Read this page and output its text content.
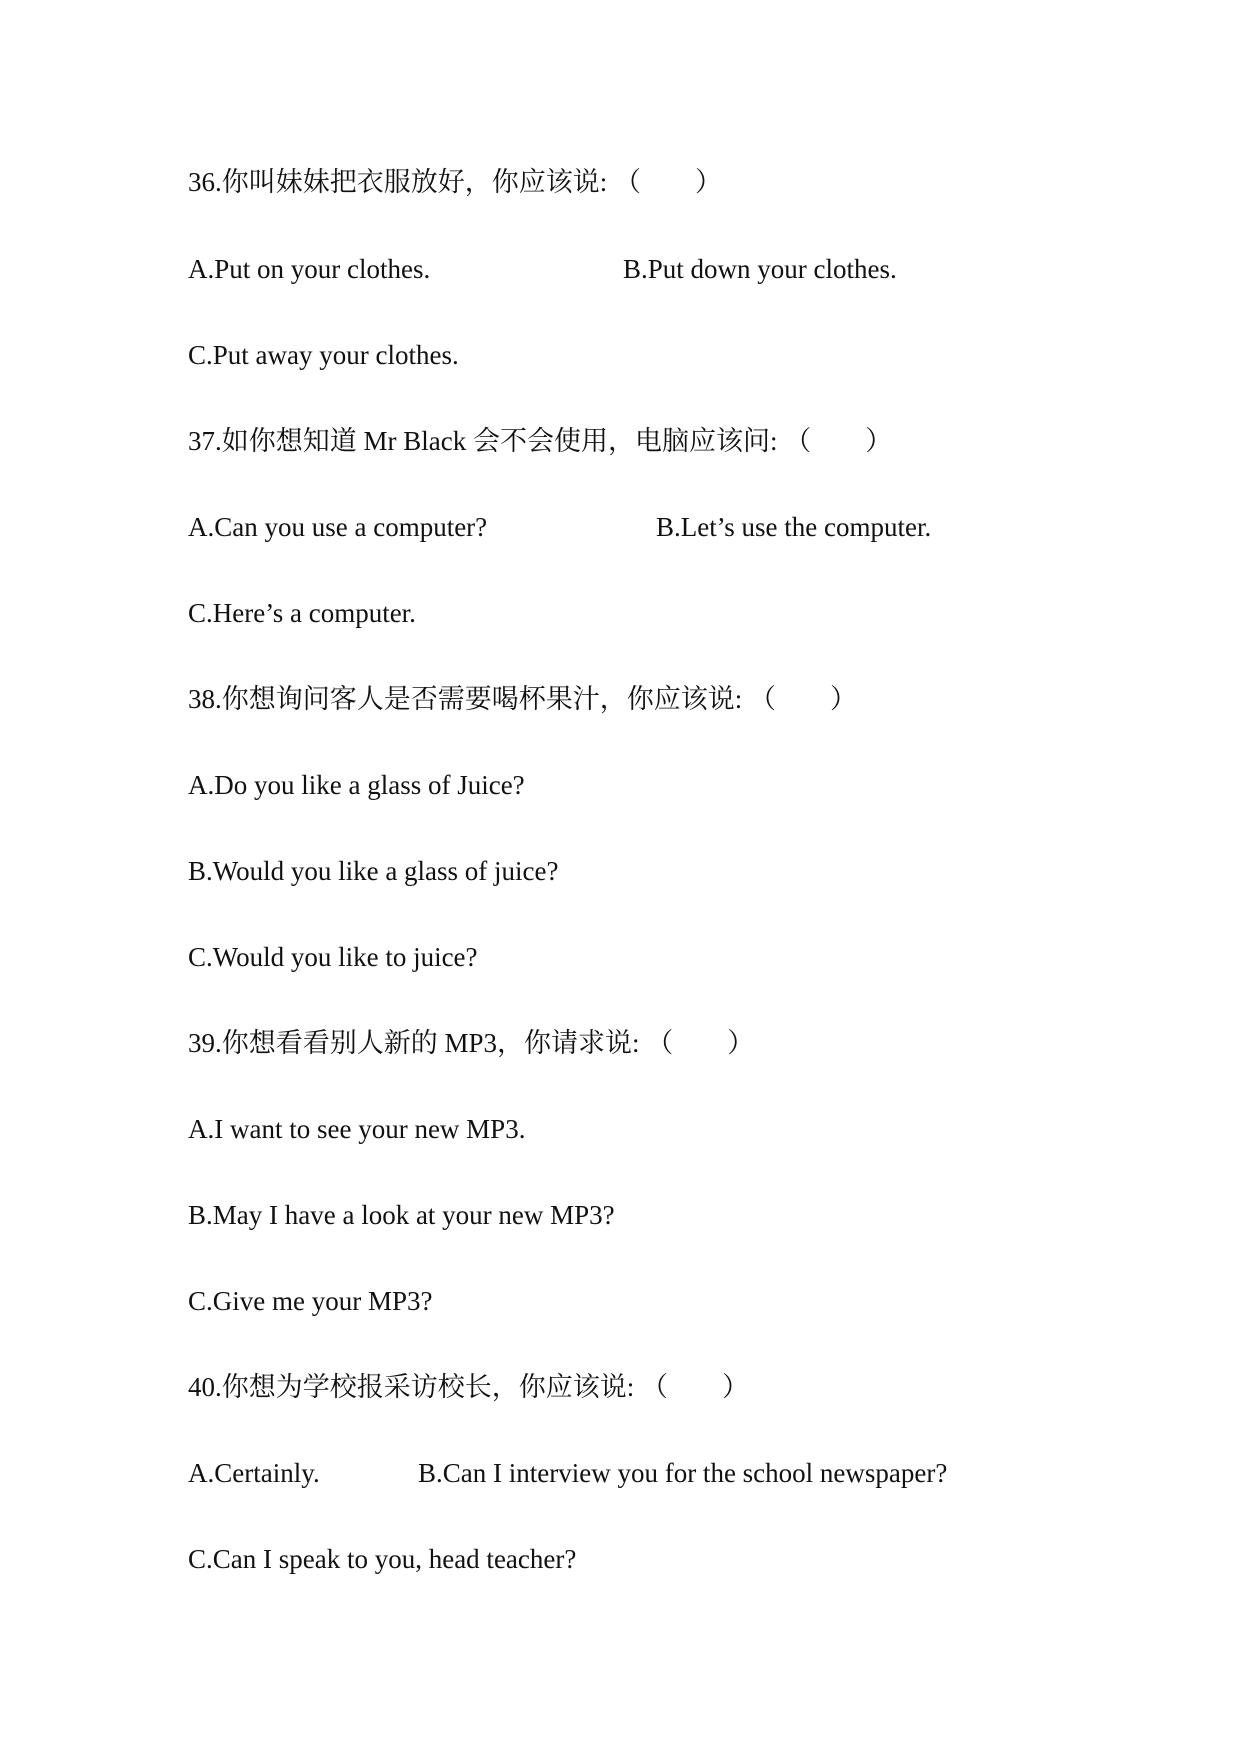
36.你叫妹妹把衣服放好，你应该说: （　　）
A.Put on your clothes.	B.Put down your clothes.
C.Put away your clothes.
37.如你想知道 Mr Black 会不会使用，电脑应该问: （　　）
A.Can you use a computer?	B.Let’s use the computer.
C.Here’s a computer.
38.你想询问客人是否需要喝杯果汁，你应该说: （　　）
A.Do you like a glass of Juice?
B.Would you like a glass of juice?
C.Would you like to juice?
39.你想看看别人新的 MP3，你请求说: （　　）
A.I want to see your new MP3.
B.May I have a look at your new MP3?
C.Give me your MP3?
40.你想为学校报采访校长，你应该说: （　　）
A.Certainly.	B.Can I interview you for the school newspaper?
C.Can I speak to you, head teacher?
